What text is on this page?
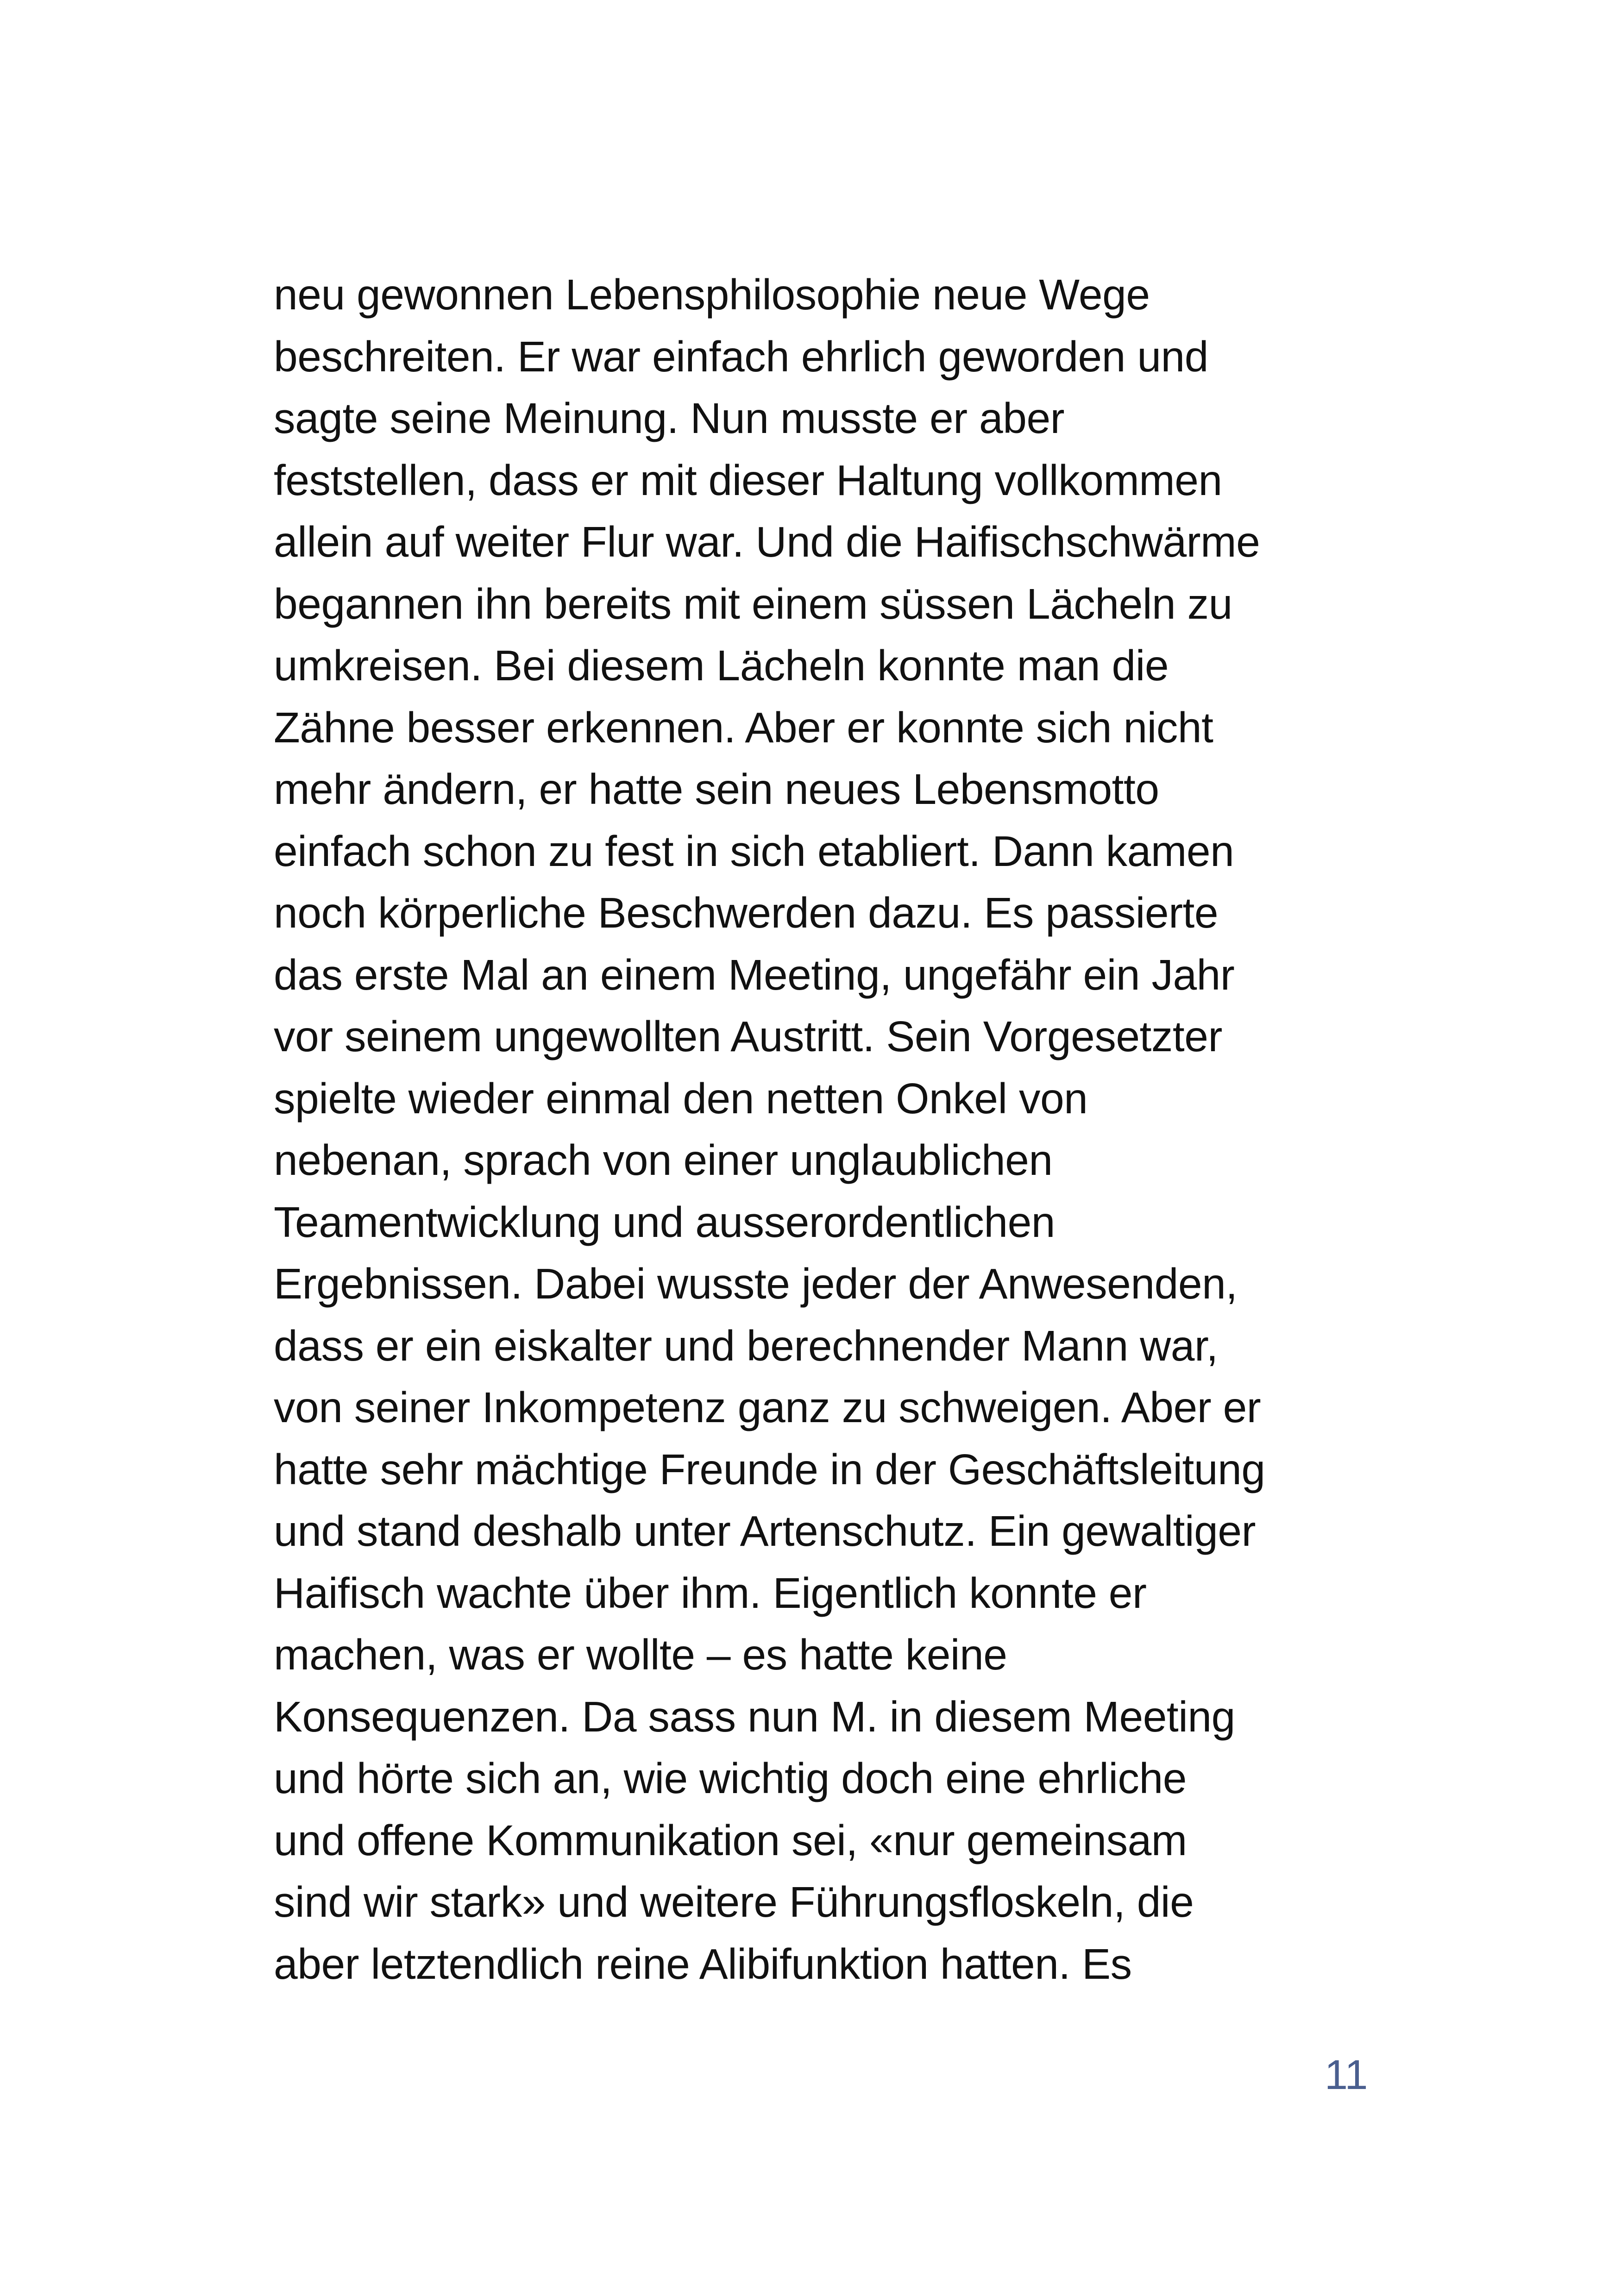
neu gewonnen Lebensphilosophie neue Wege
beschreiten. Er war einfach ehrlich geworden und
sagte seine Meinung. Nun musste er aber
feststellen, dass er mit dieser Haltung vollkommen
allein auf weiter Flur war. Und die Haifischschwärme
begannen ihn bereits mit einem süssen Lächeln zu
umkreisen. Bei diesem Lächeln konnte man die
Zähne besser erkennen. Aber er konnte sich nicht
mehr ändern, er hatte sein neues Lebensmotto
einfach schon zu fest in sich etabliert. Dann kamen
noch körperliche Beschwerden dazu. Es passierte
das erste Mal an einem Meeting, ungefähr ein Jahr
vor seinem ungewollten Austritt. Sein Vorgesetzter
spielte wieder einmal den netten Onkel von
nebenan, sprach von einer unglaublichen
Teamentwicklung und ausserordentlichen
Ergebnissen. Dabei wusste jeder der Anwesenden,
dass er ein eiskalter und berechnender Mann war,
von seiner Inkompetenz ganz zu schweigen. Aber er
hatte sehr mächtige Freunde in der Geschäftsleitung
und stand deshalb unter Artenschutz. Ein gewaltiger
Haifisch wachte über ihm. Eigentlich konnte er
machen, was er wollte – es hatte keine
Konsequenzen. Da sass nun M. in diesem Meeting
und hörte sich an, wie wichtig doch eine ehrliche
und offene Kommunikation sei, «nur gemeinsam
sind wir stark» und weitere Führungsfloskeln, die
aber letztendlich reine Alibifunktion hatten. Es
11
